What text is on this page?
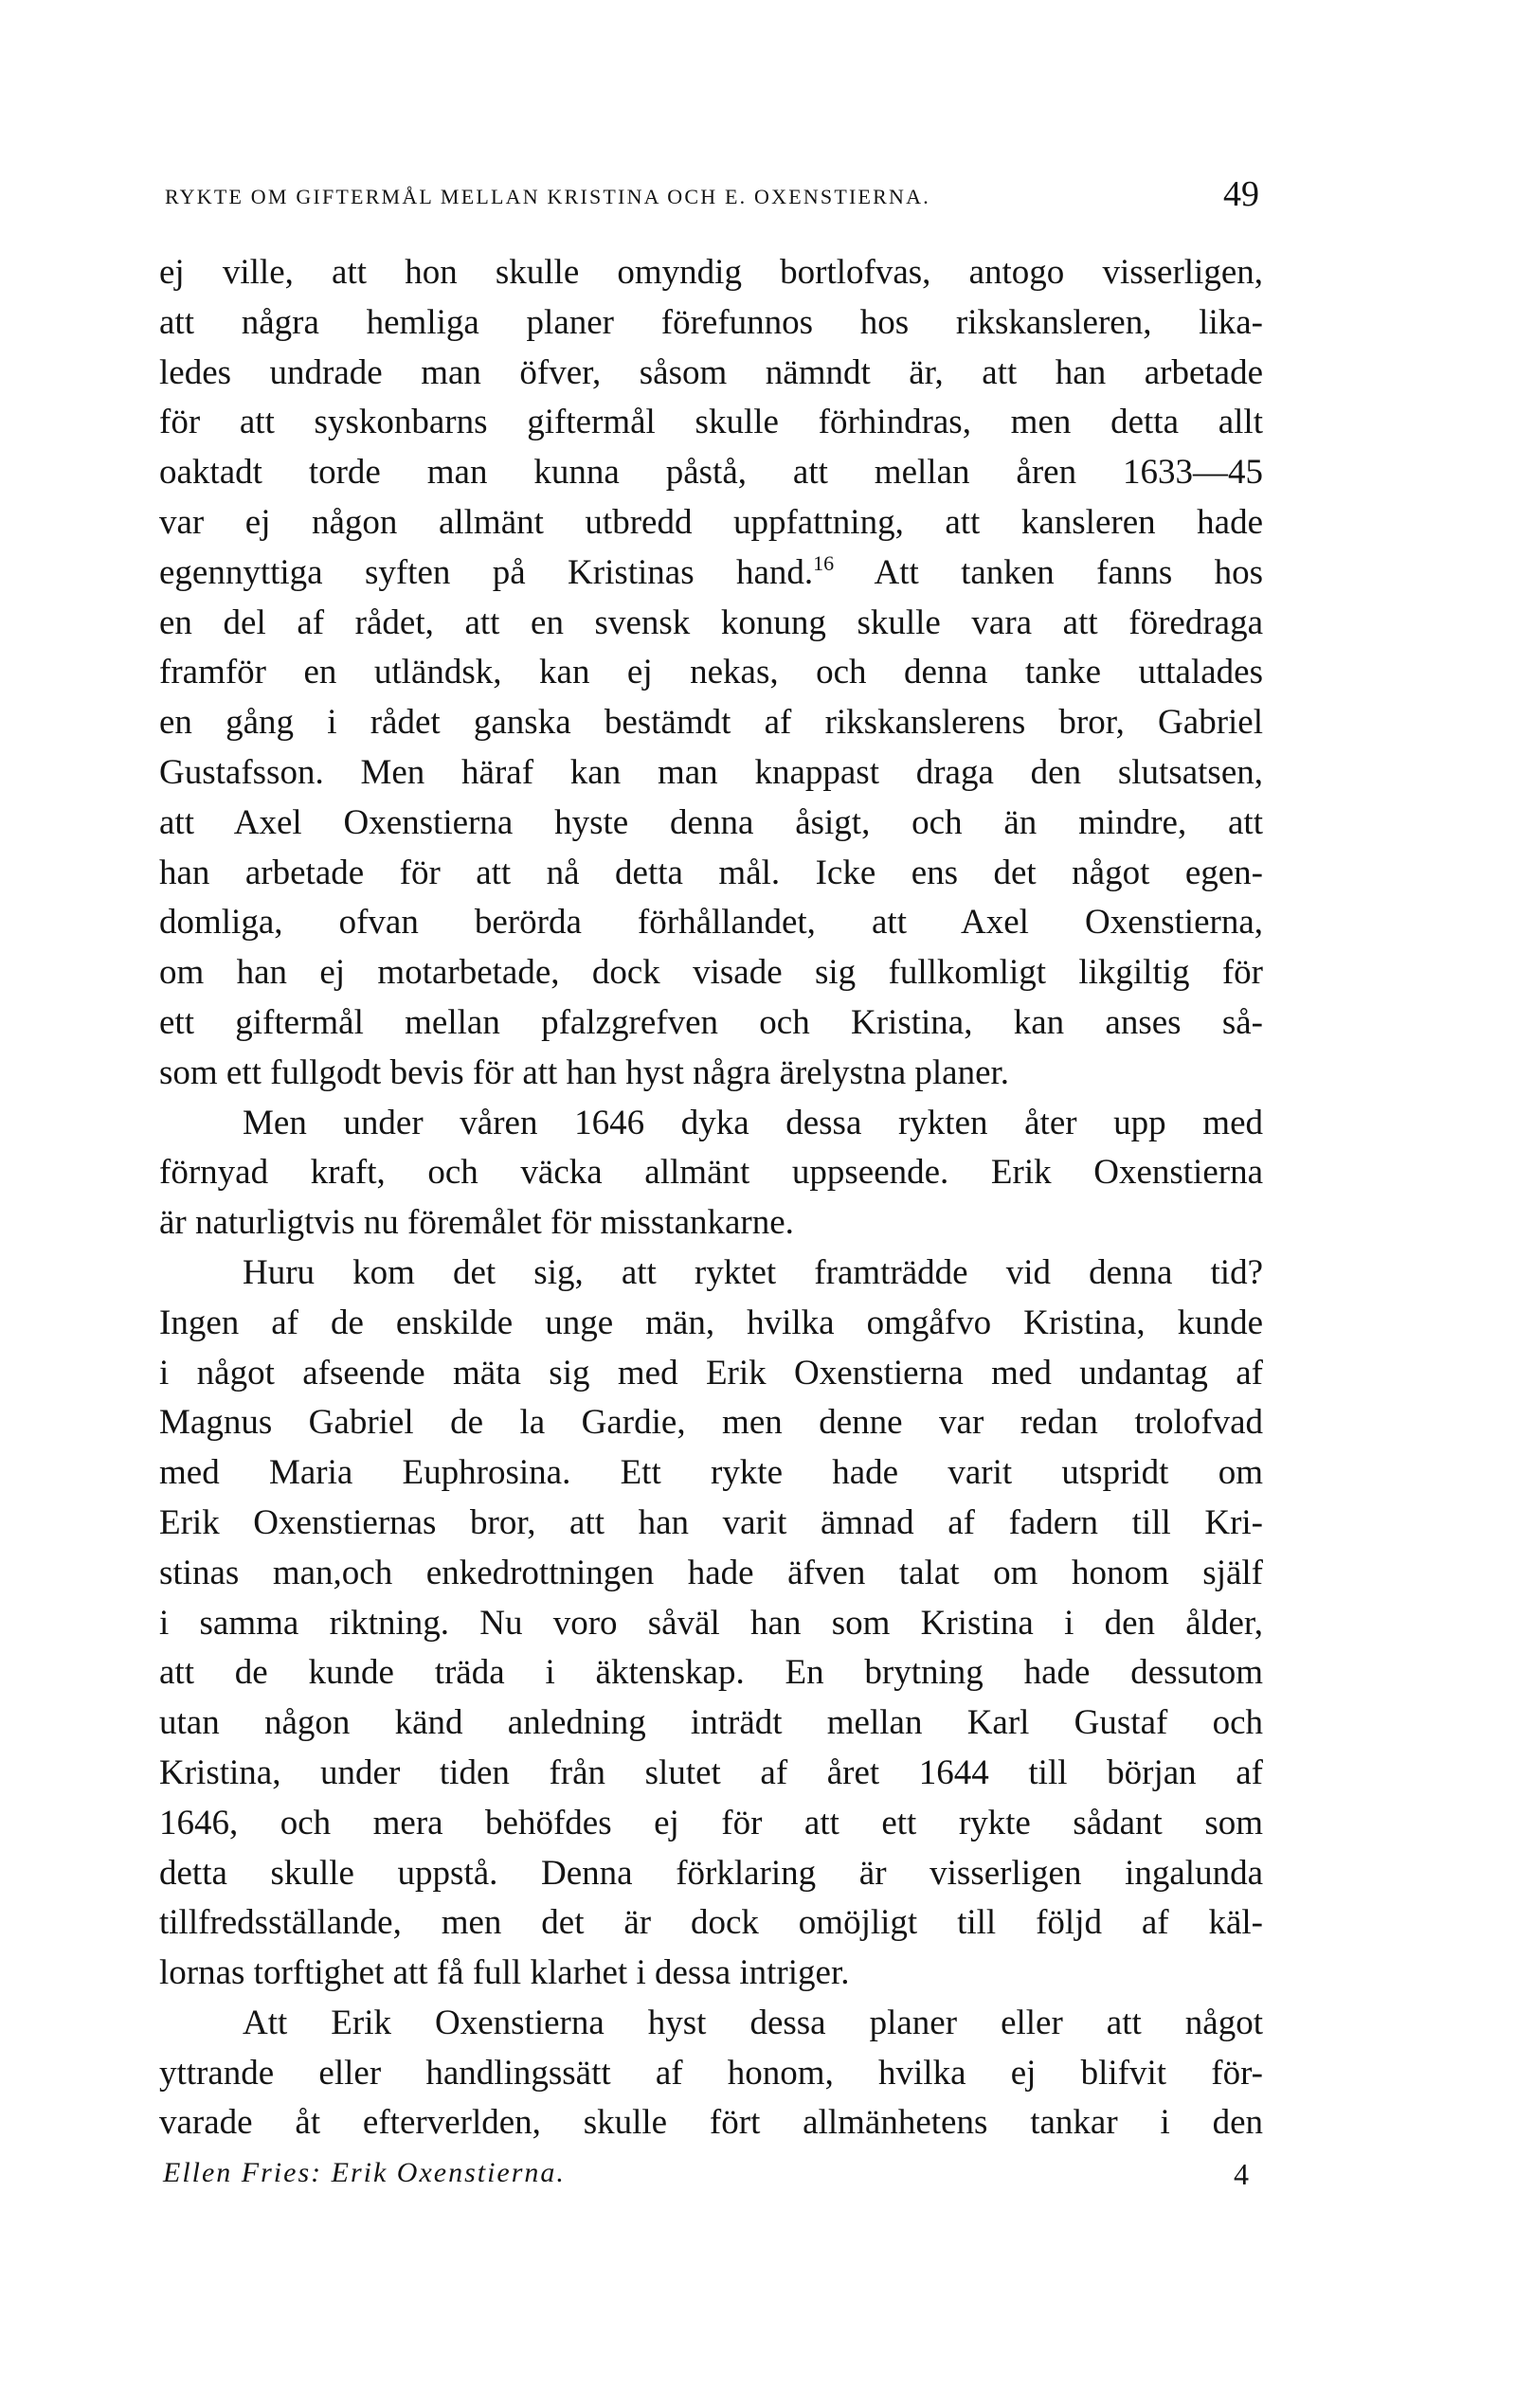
RYKTE OM GIFTERMÅL MELLAN KRISTINA OCH E. OXENSTIERNA.	49
ej ville, att hon skulle omyndig bortlofvas, antogo visserligen,
att några hemliga planer förefunnos hos rikskansleren, lika-
ledes undrade man öfver, såsom nämndt är, att han arbetade
för att syskonbarns giftermål skulle förhindras, men detta allt
oaktadt torde man kunna påstå, att mellan åren 1633—45
var ej någon allmänt utbredd uppfattning, att kansleren hade
egennyttiga syften på Kristinas hand.$^{16}$ Att tanken fanns hos
en del af rådet, att en svensk konung skulle vara att föredraga
framför en utländsk, kan ej nekas, och denna tanke uttalades
en gång i rådet ganska bestämdt af rikskanslerens bror, Gabriel
Gustafsson. Men häraf kan man knappast draga den slutsatsen,
att Axel Oxenstierna hyste denna åsigt, och än mindre, att
han arbetade för att nå detta mål. Icke ens det något egen-
domliga, ofvan berörda förhållandet, att Axel Oxenstierna,
om han ej motarbetade, dock visade sig fullkomligt likgiltig för
ett giftermål mellan pfalzgrefven och Kristina, kan anses så-
som ett fullgodt bevis för att han hyst några ärelystna planer.
Men under våren 1646 dyka dessa rykten åter upp med
förnyad kraft, och väcka allmänt uppseende. Erik Oxenstierna
är naturligtvis nu föremålet för misstankarne.
Huru kom det sig, att ryktet framträdde vid denna tid?
Ingen af de enskilde unge män, hvilka omgåfvo Kristina, kunde
i något afseende mäta sig med Erik Oxenstierna med undantag af
Magnus Gabriel de la Gardie, men denne var redan trolofvad
med Maria Euphrosina. Ett rykte hade varit utspridt om
Erik Oxenstiernas bror, att han varit ämnad af fadern till Kri-
stinas man,och enkedrottningen hade äfven talat om honom själf
i samma riktning. Nu voro såväl han som Kristina i den ålder,
att de kunde träda i äktenskap. En brytning hade dessutom
utan någon känd anledning inträdt mellan Karl Gustaf och
Kristina, under tiden från slutet af året 1644 till början af
1646, och mera behöfdes ej för att ett rykte sådant som
detta skulle uppstå. Denna förklaring är visserligen ingalunda
tillfredsställande, men det är dock omöjligt till följd af käl-
lornas torftighet att få full klarhet i dessa intriger.
Att Erik Oxenstierna hyst dessa planer eller att något
yttrande eller handlingssätt af honom, hvilka ej blifvit för-
varade åt efterverlden, skulle fört allmänhetens tankar i den
Ellen Fries: Erik Oxenstierna.	4
